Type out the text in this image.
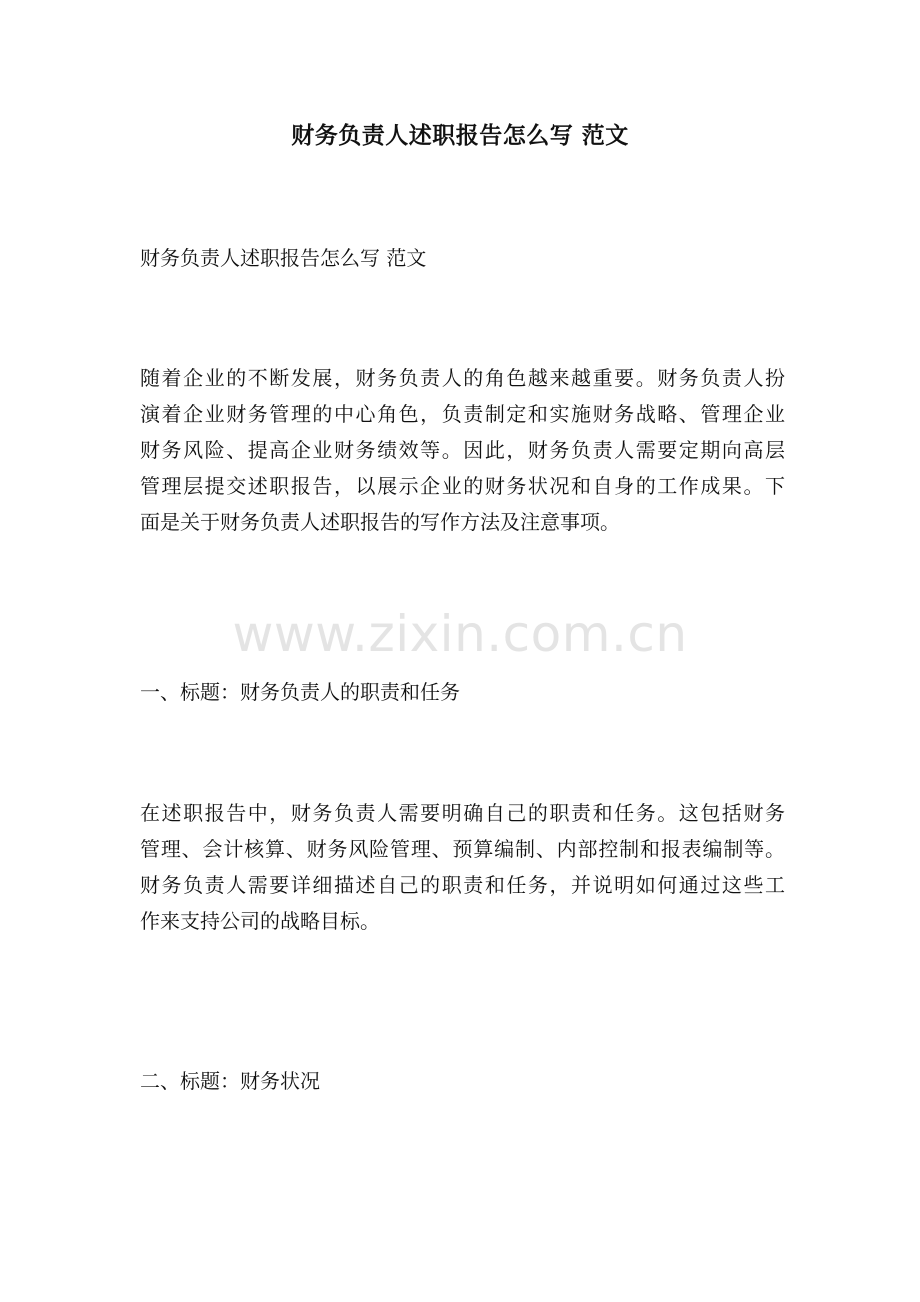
财务负责人述职报告怎么写 范文
财务负责人述职报告怎么写 范文
随着企业的不断发展，财务负责人的角色越来越重要。财务负责人扮
演着企业财务管理的中心角色，负责制定和实施财务战略、管理企业
财务风险、提高企业财务绩效等。因此，财务负责人需要定期向高层
管理层提交述职报告，以展示企业的财务状况和自身的工作成果。下
面是关于财务负责人述职报告的写作方法及注意事项。
www.zixin.com.cn
一、标题：财务负责人的职责和任务
在述职报告中，财务负责人需要明确自己的职责和任务。这包括财务
管理、会计核算、财务风险管理、预算编制、内部控制和报表编制等。
财务负责人需要详细描述自己的职责和任务，并说明如何通过这些工
作来支持公司的战略目标。
二、标题：财务状况
